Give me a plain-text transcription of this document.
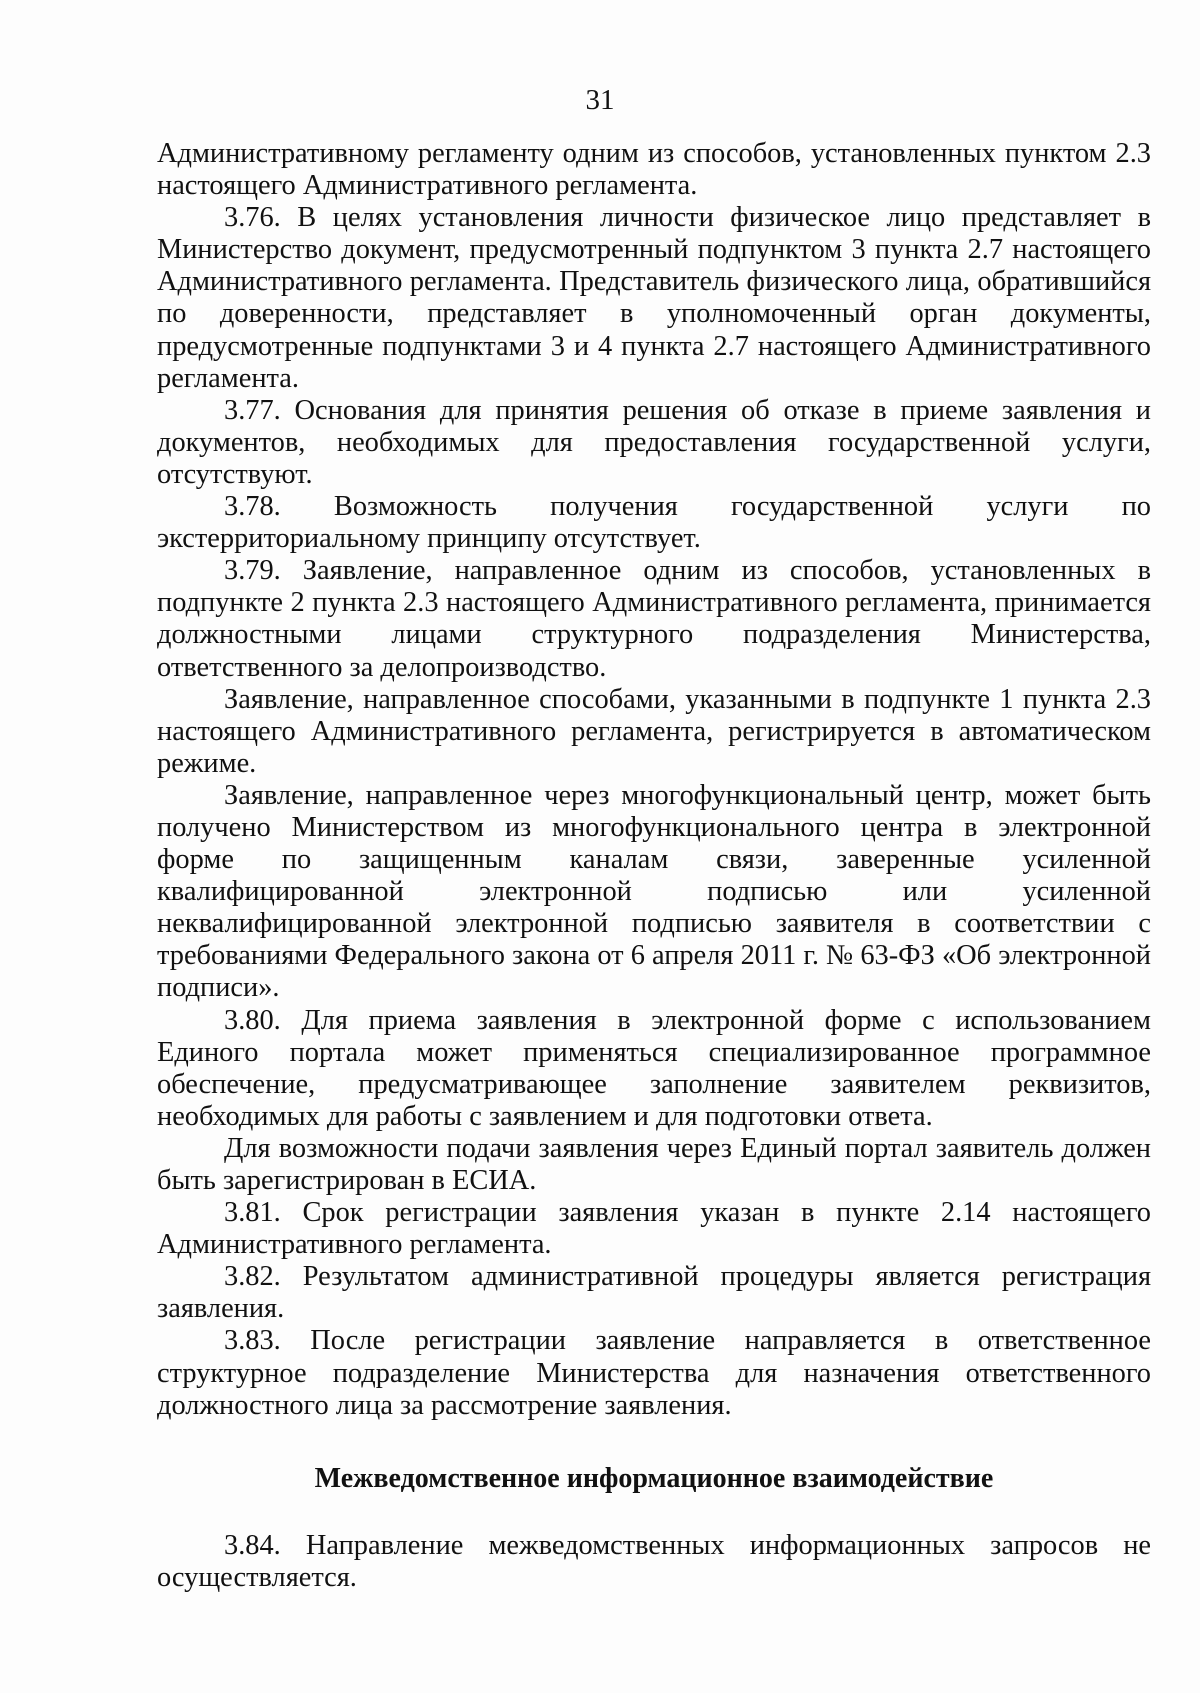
31

Административному регламенту одним из способов, установленных пунктом 2.3 настоящего Административного регламента.

3.76. В целях установления личности физическое лицо представляет в Министерство документ, предусмотренный подпунктом 3 пункта 2.7 настоящего Административного регламента. Представитель физического лица, обратившийся по доверенности, представляет в уполномоченный орган документы, предусмотренные подпунктами 3 и 4 пункта 2.7 настоящего Административного регламента.

3.77. Основания для принятия решения об отказе в приеме заявления и документов, необходимых для предоставления государственной услуги, отсутствуют.

3.78. Возможность получения государственной услуги по экстерриториальному принципу отсутствует.

3.79. Заявление, направленное одним из способов, установленных в подпункте 2 пункта 2.3 настоящего Административного регламента, принимается должностными лицами структурного подразделения Министерства, ответственного за делопроизводство.

Заявление, направленное способами, указанными в подпункте 1 пункта 2.3 настоящего Административного регламента, регистрируется в автоматическом режиме.

Заявление, направленное через многофункциональный центр, может быть получено Министерством из многофункционального центра в электронной форме по защищенным каналам связи, заверенные усиленной квалифицированной электронной подписью или усиленной неквалифицированной электронной подписью заявителя в соответствии с требованиями Федерального закона от 6 апреля 2011 г. № 63-ФЗ «Об электронной подписи».

3.80. Для приема заявления в электронной форме с использованием Единого портала может применяться специализированное программное обеспечение, предусматривающее заполнение заявителем реквизитов, необходимых для работы с заявлением и для подготовки ответа.

Для возможности подачи заявления через Единый портал заявитель должен быть зарегистрирован в ЕСИА.

3.81. Срок регистрации заявления указан в пункте 2.14 настоящего Административного регламента.

3.82. Результатом административной процедуры является регистрация заявления.

3.83. После регистрации заявление направляется в ответственное структурное подразделение Министерства для назначения ответственного должностного лица за рассмотрение заявления.

Межведомственное информационное взаимодействие

3.84. Направление межведомственных информационных запросов не осуществляется.
